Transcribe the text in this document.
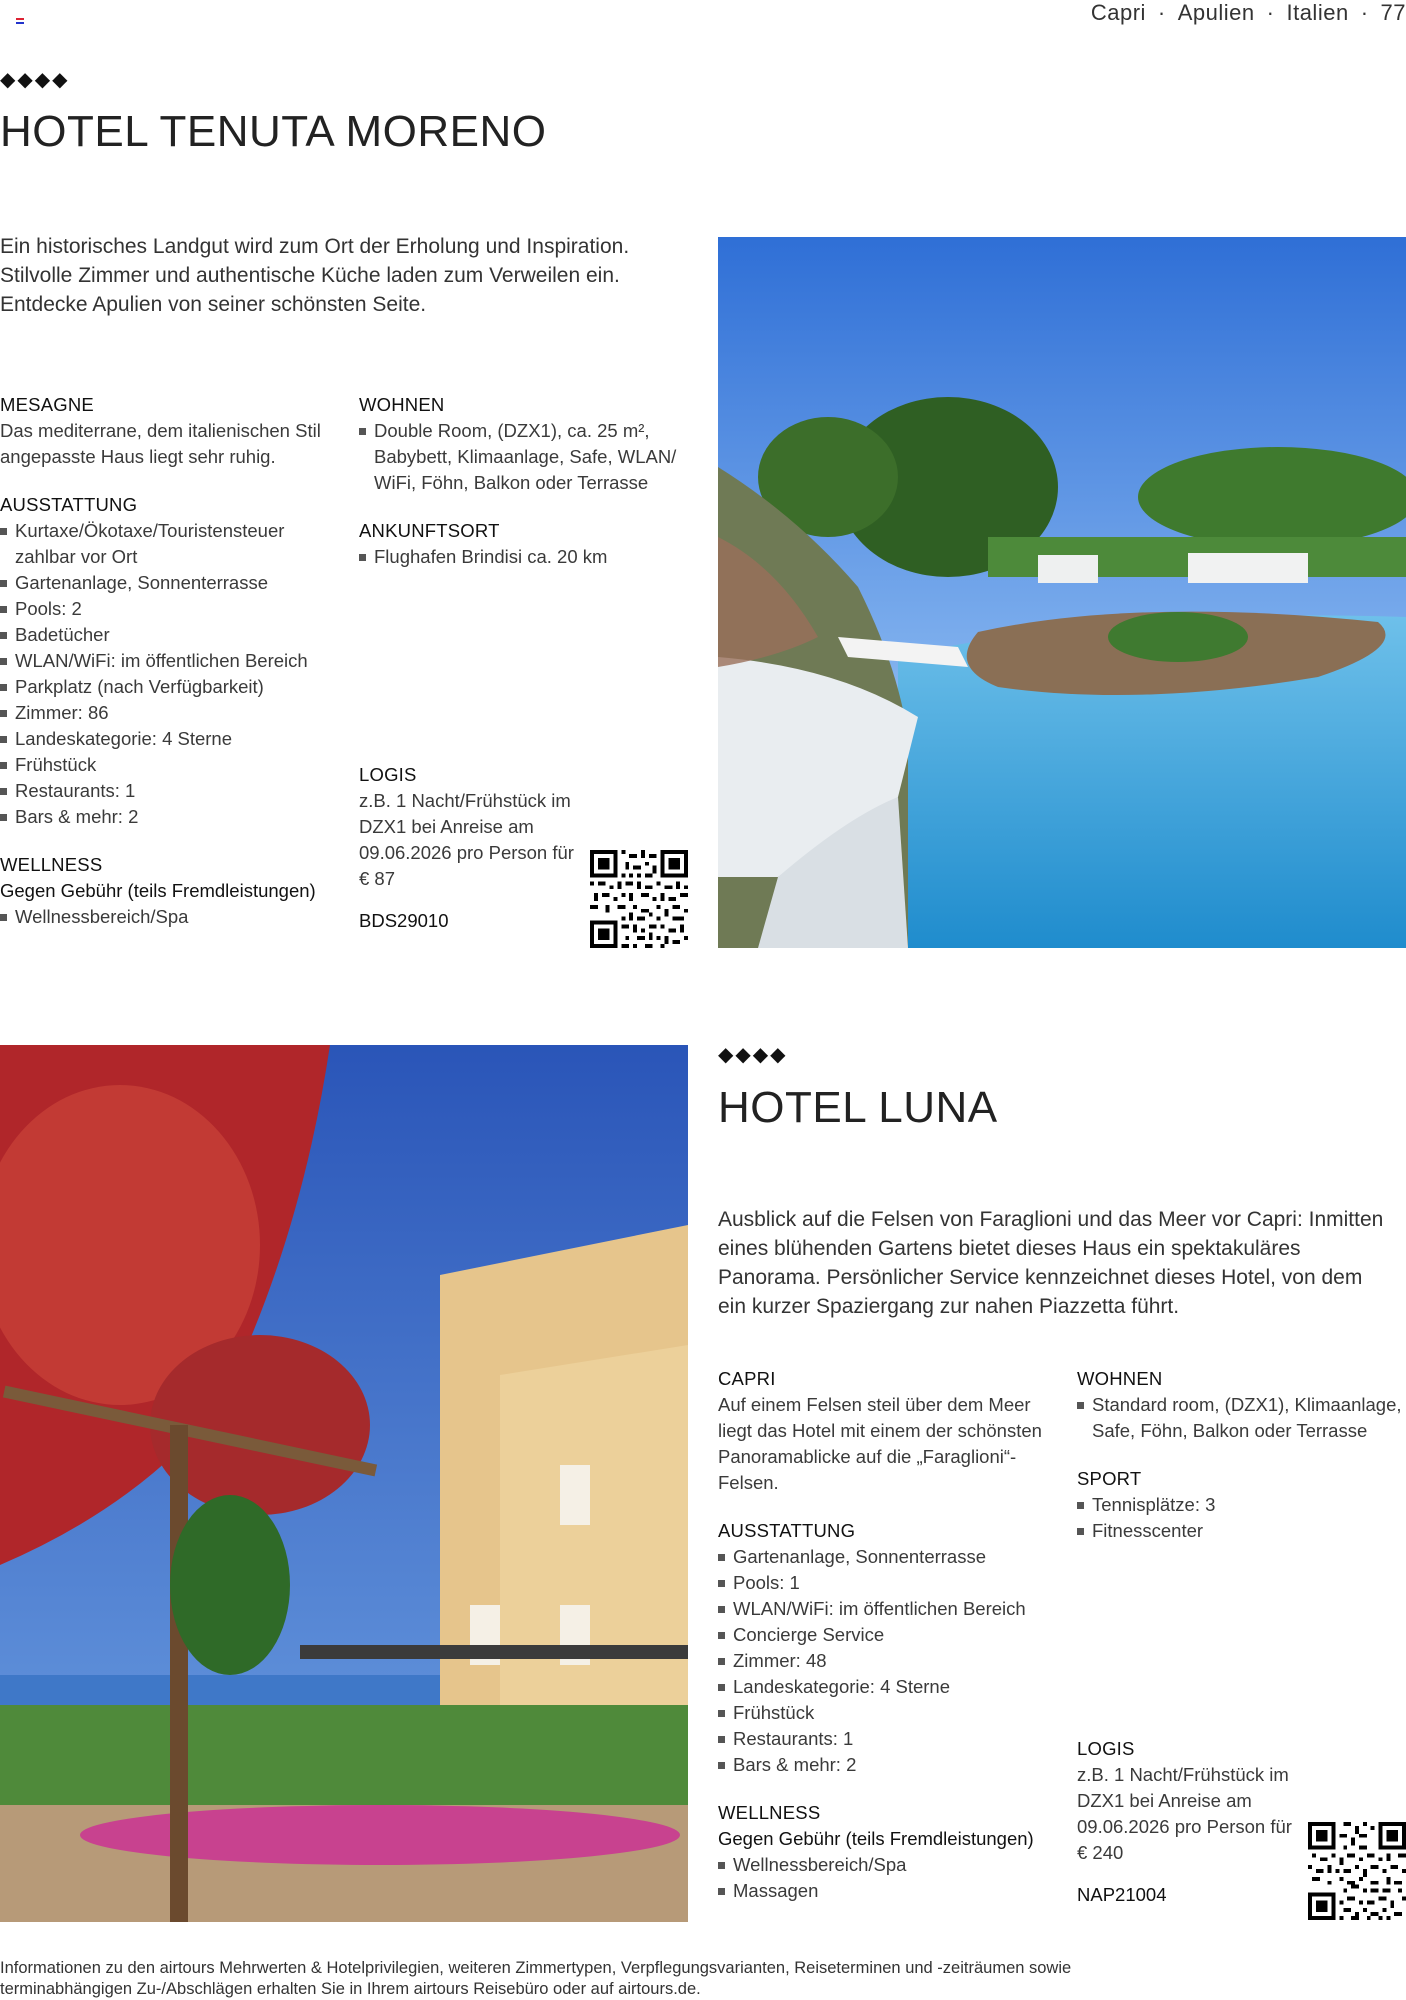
Capri · Apulien · Italien · 77
◆◆◆◆
HOTEL TENUTA MORENO

Ein historisches Landgut wird zum Ort der Erholung und Inspiration. Stilvolle Zimmer und authentische Küche laden zum Verweilen ein. Entdecke Apulien von seiner schönsten Seite.

MESAGNE

Das mediterrane, dem italienischen Stil angepasste Haus liegt sehr ruhig.

AUSSTATTUNG
Kurtaxe/Ökotaxe/Touristensteuer zahlbar vor Ort
Gartenanlage, Sonnenterrasse
Pools: 2
Badetücher
WLAN/WiFi: im öffentlichen Bereich
Parkplatz (nach Verfügbarkeit)
Zimmer: 86
Landeskategorie: 4 Sterne
Frühstück
Restaurants: 1
Bars & mehr: 2
WELLNESS

Gegen Gebühr (teils Fremdleistungen)

Wellnessbereich/Spa
WOHNEN
Double Room, (DZX1), ca. 25 m², Babybett, Klimaanlage, Safe, WLAN/ WiFi, Föhn, Balkon oder Terrasse
ANKUNFTSORT
Flughafen Brindisi ca. 20 km
LOGIS

z.B. 1 Nacht/Frühstück im DZX1 bei Anreise am 09.06.2026 pro Person für € 87

BDS29010

◆◆◆◆
HOTEL LUNA

Ausblick auf die Felsen von Faraglioni und das Meer vor Capri: Inmitten eines blühenden Gartens bietet dieses Haus ein spektakuläres Panorama. Persönlicher Service kennzeichnet dieses Hotel, von dem ein kurzer Spaziergang zur nahen Piazzetta führt.

CAPRI

Auf einem Felsen steil über dem Meer liegt das Hotel mit einem der schönsten Panoramablicke auf die „Faraglioni“-Felsen.

AUSSTATTUNG
Gartenanlage, Sonnenterrasse
Pools: 1
WLAN/WiFi: im öffentlichen Bereich
Concierge Service
Zimmer: 48
Landeskategorie: 4 Sterne
Frühstück
Restaurants: 1
Bars & mehr: 2
WELLNESS

Gegen Gebühr (teils Fremdleistungen)

Wellnessbereich/Spa
Massagen
WOHNEN
Standard room, (DZX1), Klimaanlage, Safe, Föhn, Balkon oder Terrasse
SPORT
Tennisplätze: 3
Fitnesscenter
LOGIS

z.B. 1 Nacht/Frühstück im DZX1 bei Anreise am 09.06.2026 pro Person für € 240

NAP21004

Informationen zu den airtours Mehrwerten & Hotelprivilegien, weiteren Zimmertypen, Verpflegungsvarianten, Reiseterminen und -zeiträumen sowie terminabhängigen Zu-/Abschlägen erhalten Sie in Ihrem airtours Reisebüro oder auf airtours.de.
